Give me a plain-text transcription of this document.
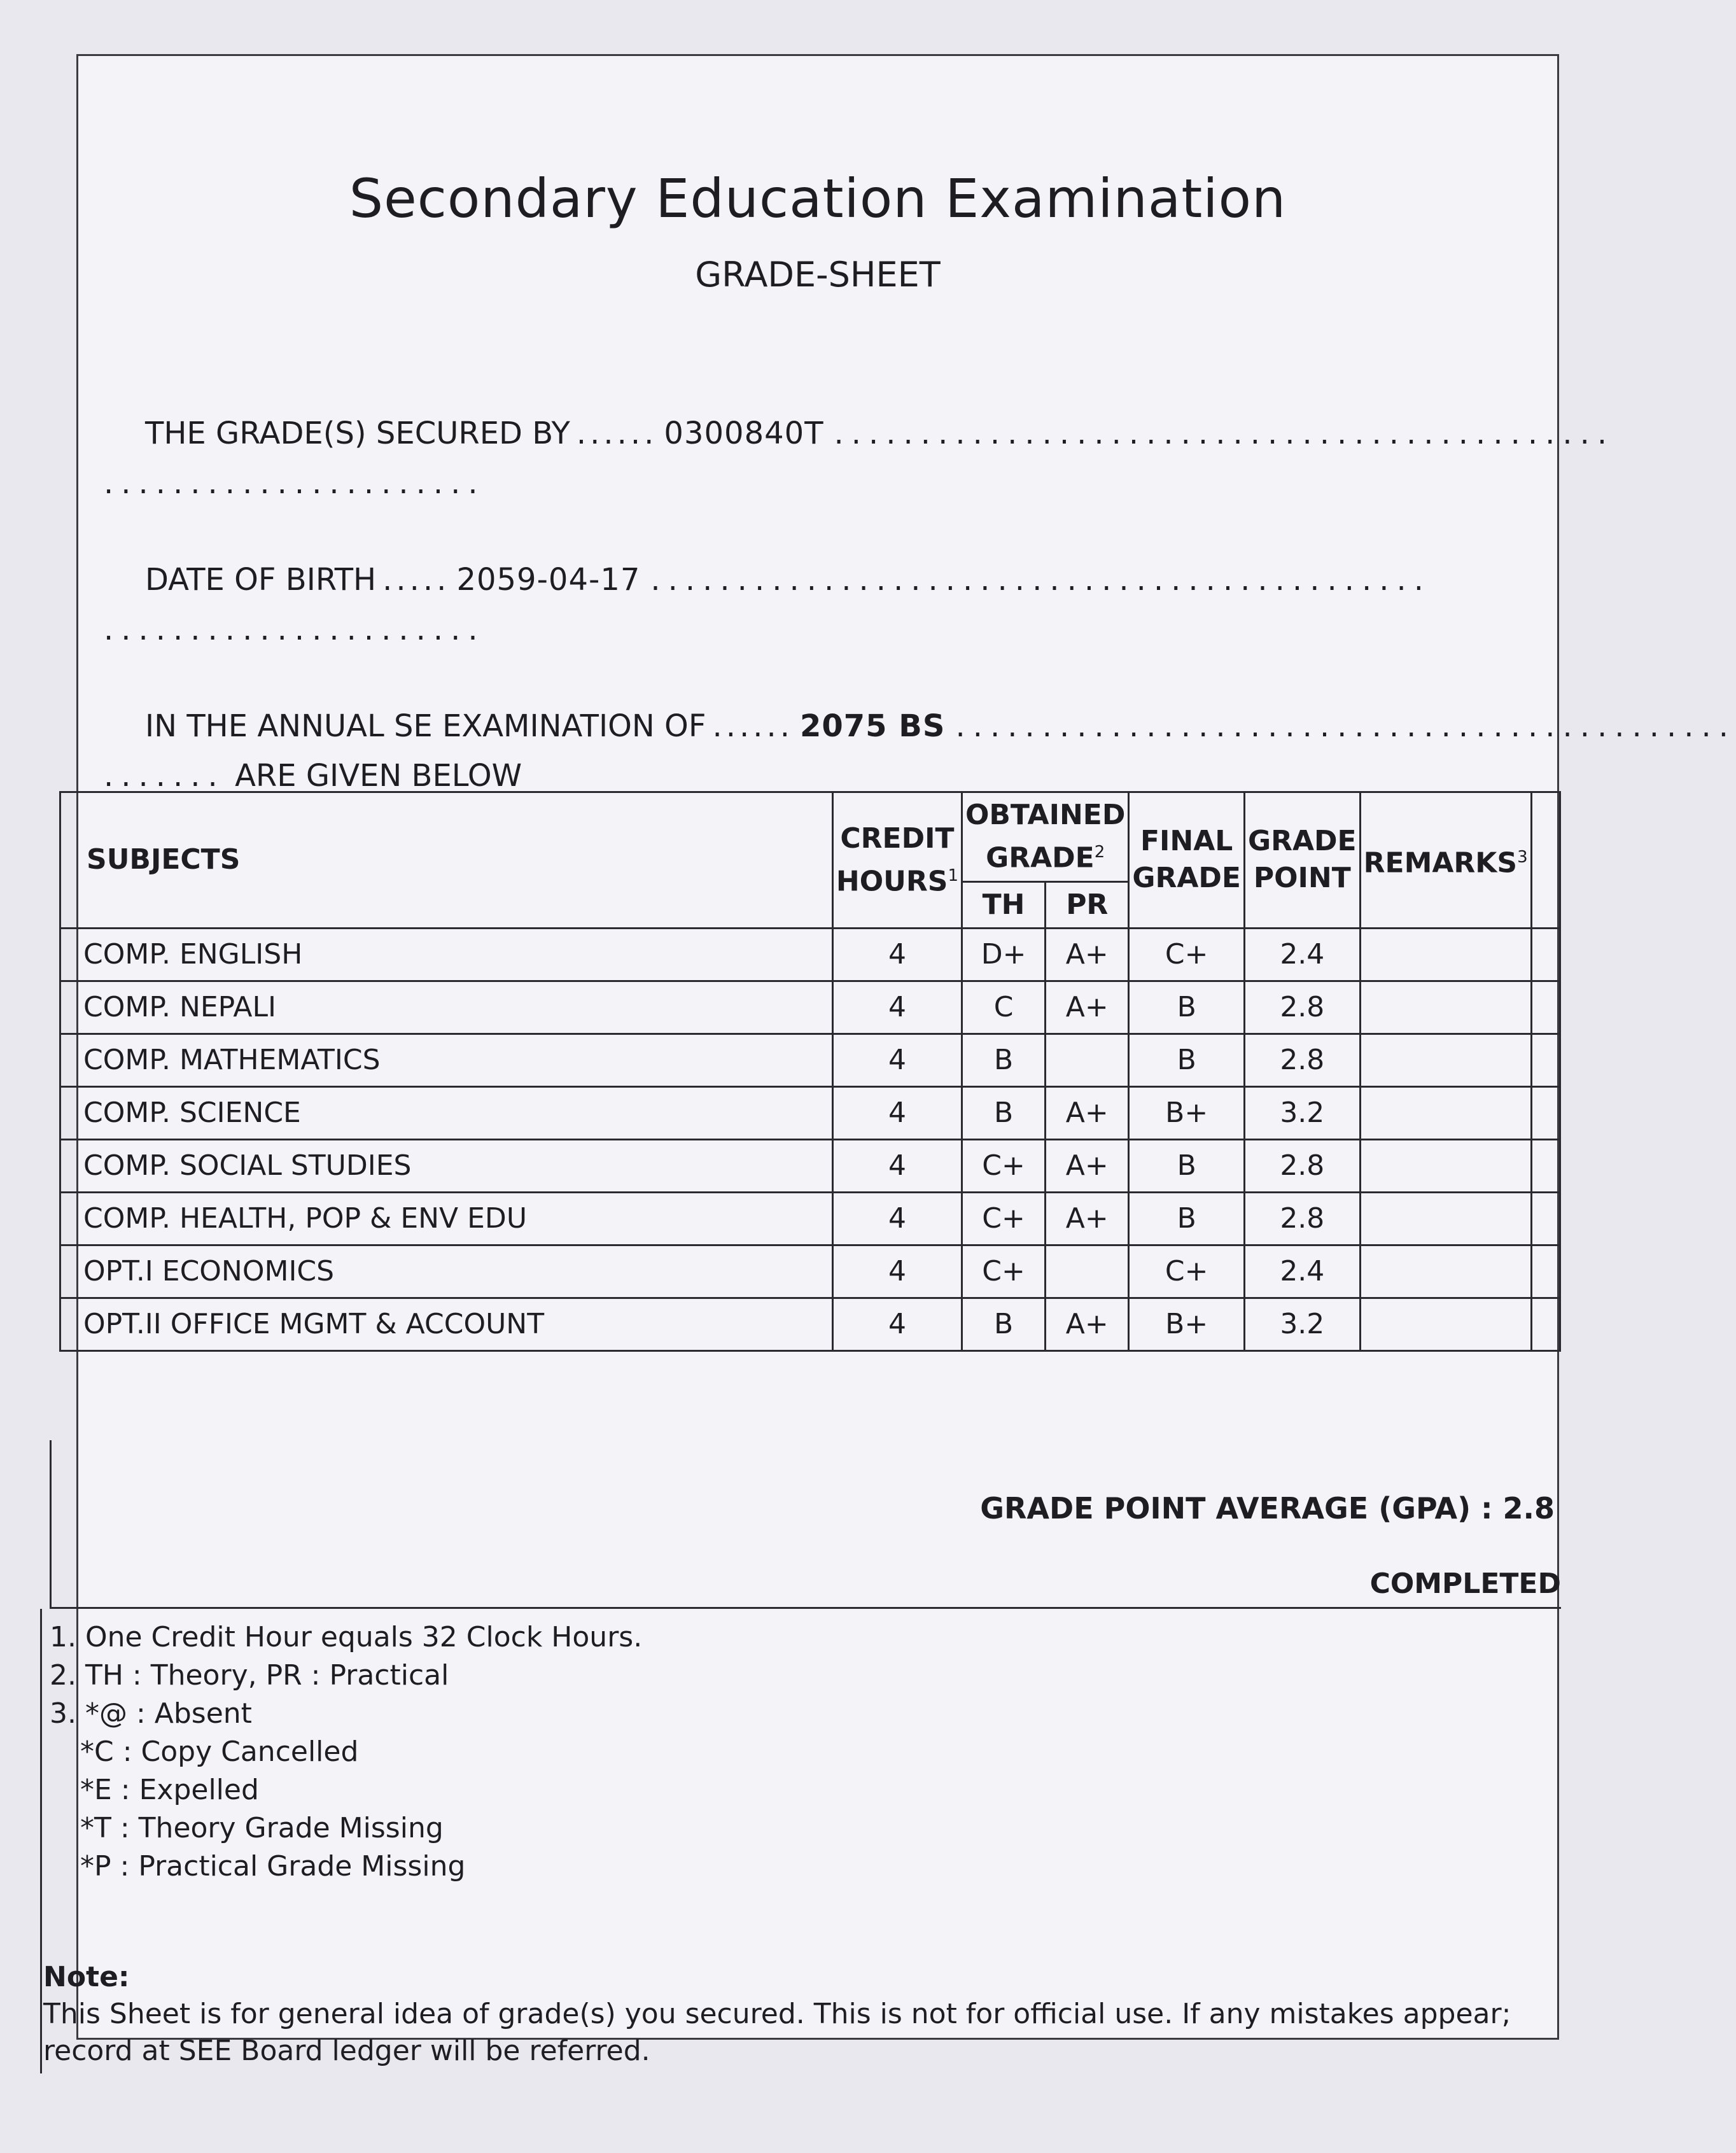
Secondary Education Examination
GRADE-SHEET
THE GRADE(S) SECURED BY ...... 0300840T .............................................
......................
DATE OF BIRTH ..... 2059-04-17 .............................................
......................
IN THE ANNUAL SE EXAMINATION OF ...... 2075 BS .............................................
....... ARE GIVEN BELOW
SUBJECTS	CREDIT HOURS$^1$	OBTAINED GRADE$^2$		FINAL GRADE	GRADE POINT	REMARKS$^3$	
		TH	PR				
COMP. ENGLISH	4	D+	A+	C+	2.4		
COMP. NEPALI	4	C	A+	B	2.8		
COMP. MATHEMATICS	4	B		B	2.8		
COMP. SCIENCE	4	B	A+	B+	3.2		
COMP. SOCIAL STUDIES	4	C+	A+	B	2.8		
COMP. HEALTH, POP & ENV EDU	4	C+	A+	B	2.8		
OPT.I ECONOMICS	4	C+		C+	2.4		
OPT.II OFFICE MGMT & ACCOUNT	4	B	A+	B+	3.2		
GRADE POINT AVERAGE (GPA) : 2.8
COMPLETED
1. One Credit Hour equals 32 Clock Hours.
2. TH : Theory, PR : Practical
3. *@ : Absent
*C : Copy Cancelled
*E : Expelled
*T : Theory Grade Missing
*P : Practical Grade Missing
Note:
This Sheet is for general idea of grade(s) you secured. This is not for official use. If any mistakes appear; record at SEE Board ledger will be referred.
